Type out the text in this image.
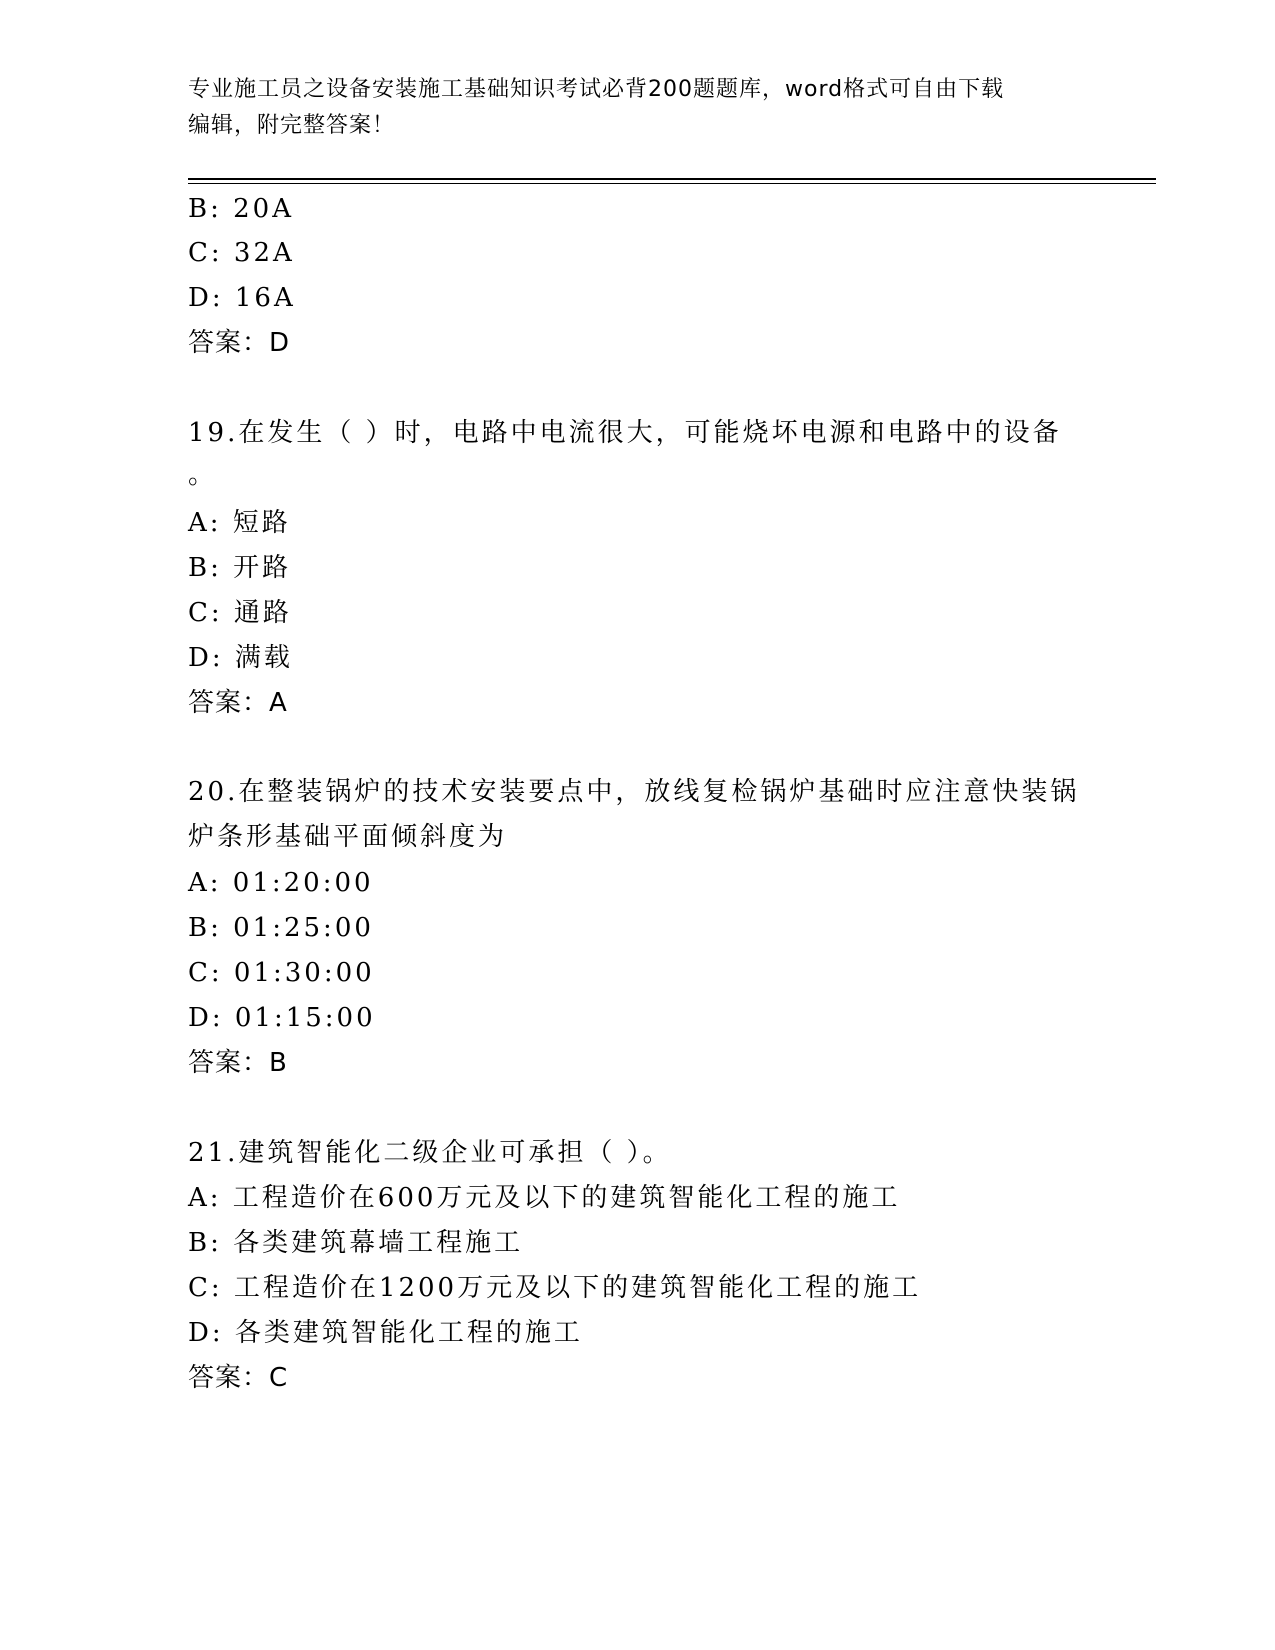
专业施工员之设备安装施工基础知识考试必背200题题库，word格式可自由下载
编辑，附完整答案！
B: 20A
C: 32A
D: 16A
答案：D
19.在发生（ ）时，电路中电流很大，可能烧坏电源和电路中的设备
。
A: 短路
B: 开路
C: 通路
D: 满载
答案：A
20.在整装锅炉的技术安装要点中，放线复检锅炉基础时应注意快装锅
炉条形基础平面倾斜度为
A: 01:20:00
B: 01:25:00
C: 01:30:00
D: 01:15:00
答案：B
21.建筑智能化二级企业可承担（ ）。
A: 工程造价在600万元及以下的建筑智能化工程的施工
B: 各类建筑幕墙工程施工
C: 工程造价在1200万元及以下的建筑智能化工程的施工
D: 各类建筑智能化工程的施工
答案：C
